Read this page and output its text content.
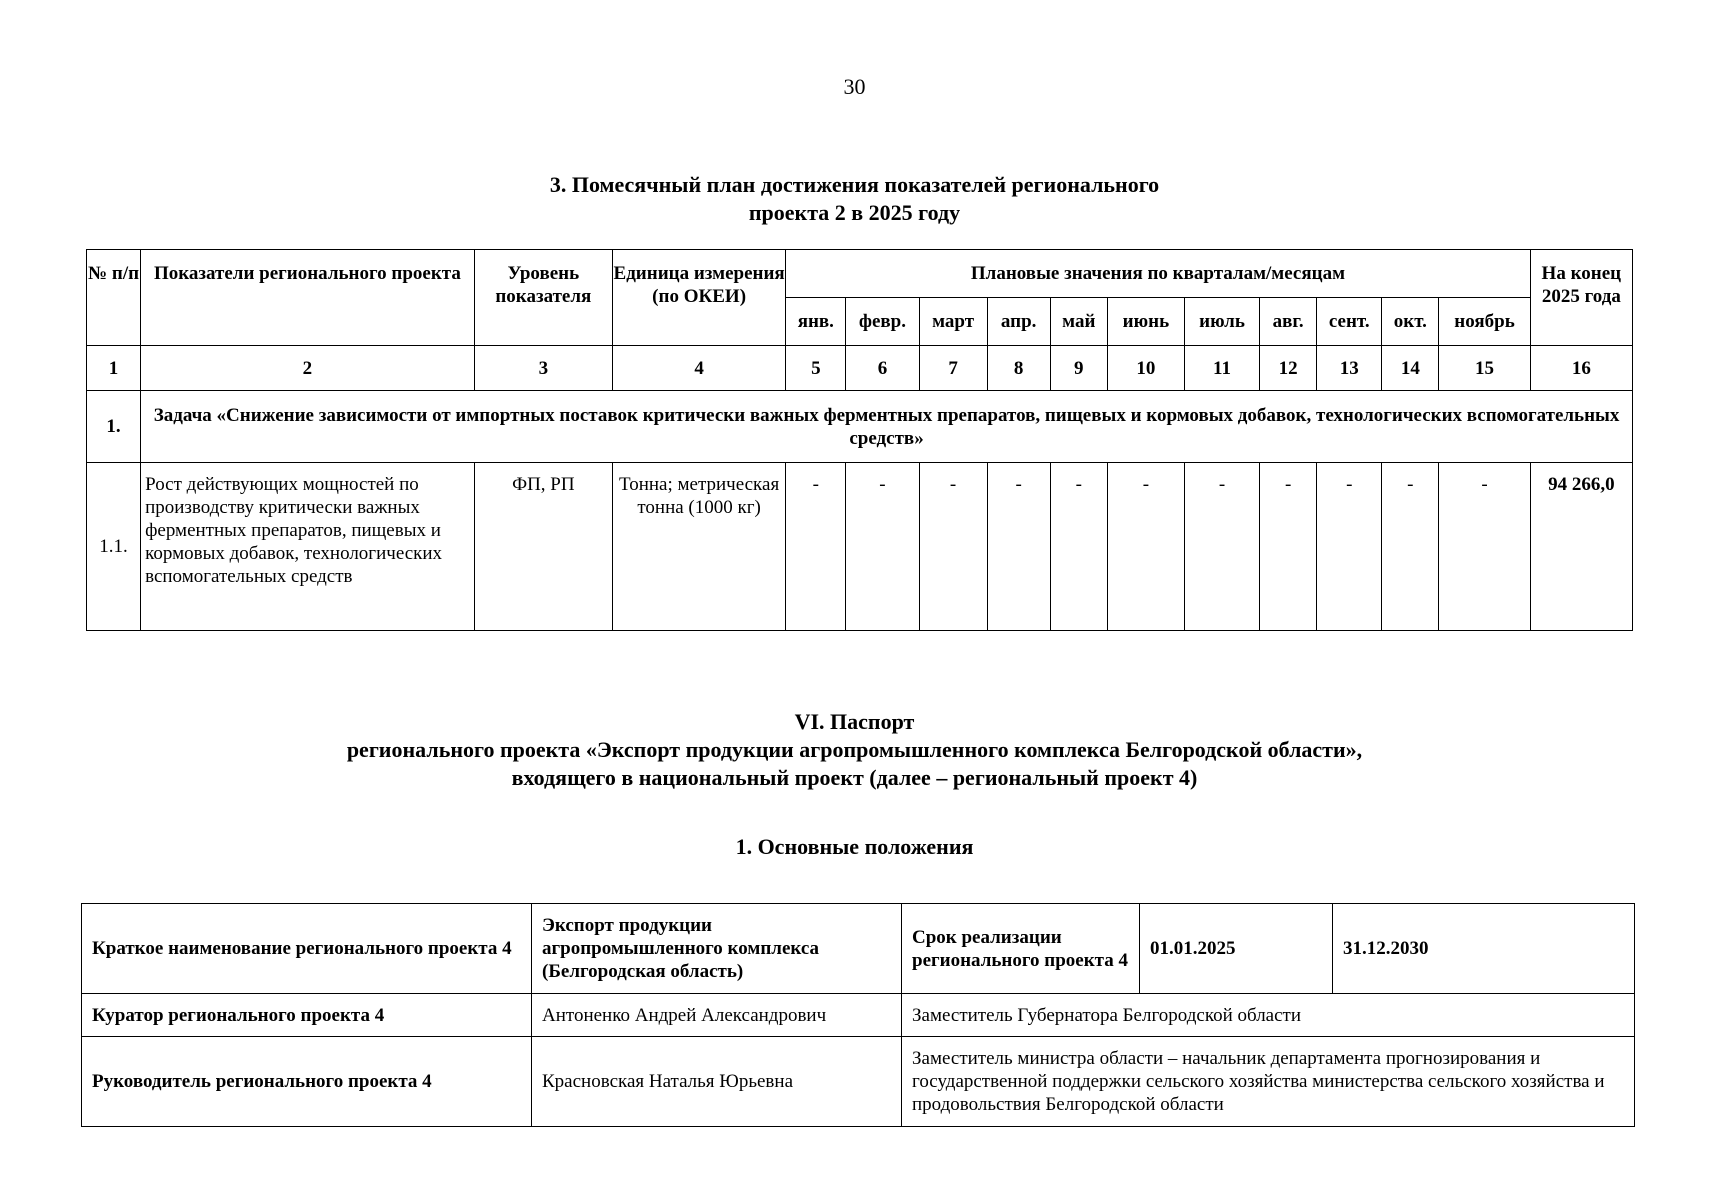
30
3. Помесячный план достижения показателей регионального
проекта 2 в 2025 году
№ п/п	Показатели регионального проекта	Уровень показателя	Единица измерения (по ОКЕИ)	Плановые значения по кварталам/месяцам											На конец 2025 года
				янв.	февр.	март	апр.	май	июнь	июль	авг.	сент.	окт.	ноябрь	
1	2	3	4	5	6	7	8	9	10	11	12	13	14	15	16
1.	Задача «Снижение зависимости от импортных поставок критически важных ферментных препаратов, пищевых и кормовых добавок, технологических вспомогательных средств»														
1.1.	Рост действующих мощностей по производству критически важных ферментных препаратов, пищевых и кормовых добавок, технологических вспомогательных средств	ФП, РП	Тонна; метрическая тонна (1000 кг)	-	-	-	-	-	-	-	-	-	-	-	94 266,0
VI. Паспорт
регионального проекта «Экспорт продукции агропромышленного комплекса Белгородской области»,
входящего в национальный проект (далее – региональный проект 4)
1. Основные положения
Краткое наименование регионального проекта 4	Экспорт продукции агропромышленного комплекса (Белгородская область)	Срок реализации регионального проекта 4	01.01.2025	31.12.2030
Куратор регионального проекта 4	Антоненко Андрей Александрович	Заместитель Губернатора Белгородской области		
Руководитель регионального проекта 4	Красновская Наталья Юрьевна	Заместитель министра области – начальник департамента прогнозирования и государственной поддержки сельского хозяйства министерства сельского хозяйства и продовольствия Белгородской области		
